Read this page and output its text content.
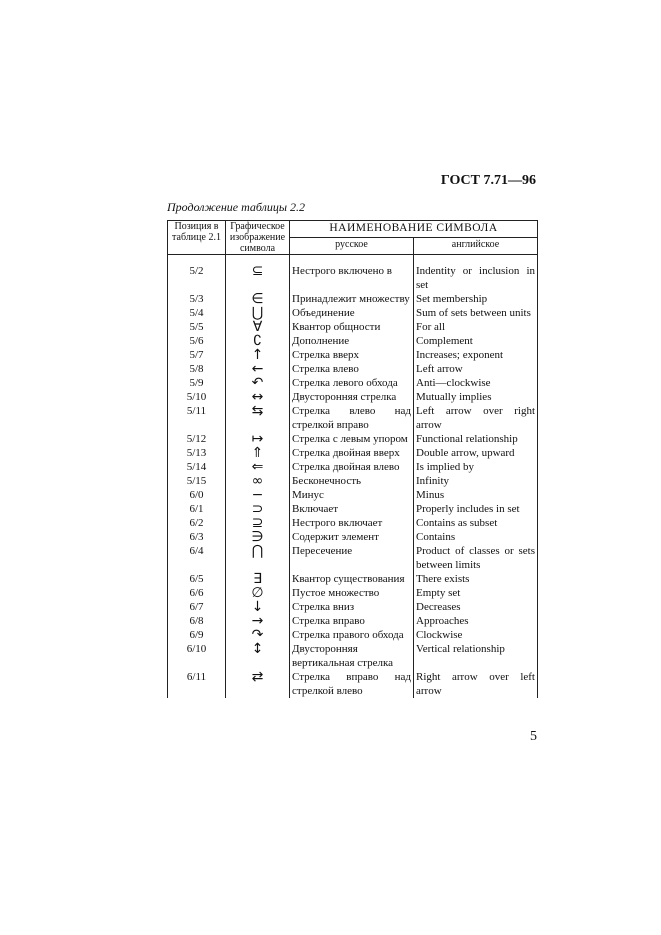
ГОСТ 7.71—96
Продолжение таблицы 2.2
Позиция в таблице 2.1	Графическое изображение символа	НАИМЕНОВАНИЕ СИМВОЛА	
		русское	английское
5/2	⊆	Нестрого включено в	Indentity or inclusion in set
5/3	∈	Принадлежит множеству	Set membership
5/4	⋃	Объединение	Sum of sets between units
5/5	∀	Квантор общности	For all
5/6	∁	Дополнение	Complement
5/7	↑	Стрелка вверх	Increases; exponent
5/8	←	Стрелка влево	Left arrow
5/9	↶	Стрелка левого обхода	Anti—clockwise
5/10	↔	Двусторонняя стрелка	Mutually implies
5/11	⇆	Стрелка влево над стрелкой вправо	Left arrow over right arrow
5/12	↦	Стрелка с левым упором	Functional relationship
5/13	⇑	Стрелка двойная вверх	Double arrow, upward
5/14	⇐	Стрелка двойная влево	Is implied by
5/15	∞	Бесконечность	Infinity
6/0	−	Минус	Minus
6/1	⊃	Включает	Properly includes in set
6/2	⊇	Нестрого включает	Contains as subset
6/3	∋	Содержит элемент	Contains
6/4	⋂	Пересечение	Product of classes or sets between limits
6/5	∃	Квантор существования	There exists
6/6	∅	Пустое множество	Empty set
6/7	↓	Стрелка вниз	Decreases
6/8	→	Стрелка вправо	Approaches
6/9	↷	Стрелка правого обхода	Clockwise
6/10	↕	Двусторонняя вертикальная стрелка	Vertical relationship
6/11	⇄	Стрелка вправо над стрелкой влево	Right arrow over left arrow
5
